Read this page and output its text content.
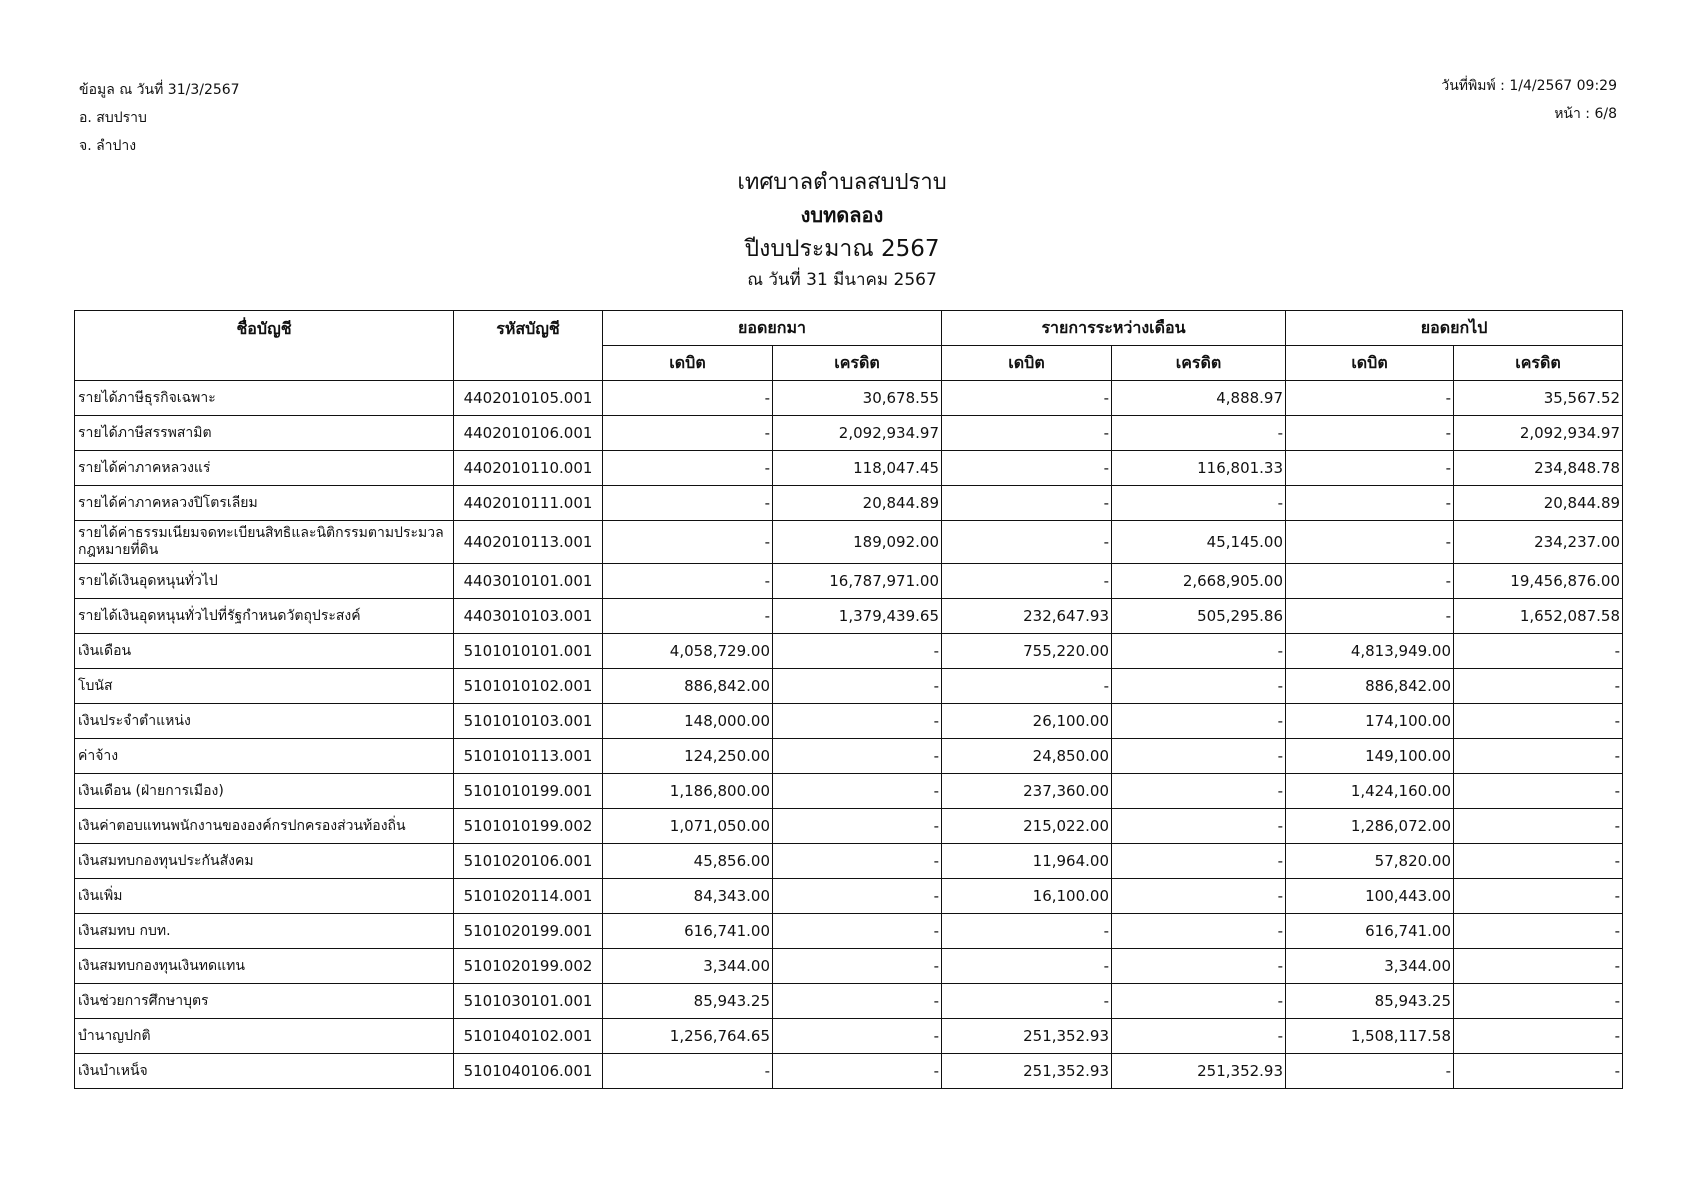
ข้อมูล ณ วันที่ 31/3/2567
อ. สบปราบ
จ. ลำปาง
วันที่พิมพ์ : 1/4/2567 09:29
หน้า : 6/8

เทศบาลตำบลสบปราบ

งบทดลอง

ปีงบประมาณ 2567

ณ วันที่ 31 มีนาคม 2567

ชื่อบัญชี	รหัสบัญชี	ยอดยกมา		รายการระหว่างเดือน		ยอดยกไป	
		เดบิต	เครดิต	เดบิต	เครดิต	เดบิต	เครดิต
รายได้ภาษีธุรกิจเฉพาะ	4402010105.001	-	30,678.55	-	4,888.97	-	35,567.52
รายได้ภาษีสรรพสามิต	4402010106.001	-	2,092,934.97	-	-	-	2,092,934.97
รายได้ค่าภาคหลวงแร่	4402010110.001	-	118,047.45	-	116,801.33	-	234,848.78
รายได้ค่าภาคหลวงปิโตรเลียม	4402010111.001	-	20,844.89	-	-	-	20,844.89
รายได้ค่าธรรมเนียมจดทะเบียนสิทธิและนิติกรรมตามประมวลกฎหมายที่ดิน	4402010113.001	-	189,092.00	-	45,145.00	-	234,237.00
รายได้เงินอุดหนุนทั่วไป	4403010101.001	-	16,787,971.00	-	2,668,905.00	-	19,456,876.00
รายได้เงินอุดหนุนทั่วไปที่รัฐกำหนดวัตถุประสงค์	4403010103.001	-	1,379,439.65	232,647.93	505,295.86	-	1,652,087.58
เงินเดือน	5101010101.001	4,058,729.00	-	755,220.00	-	4,813,949.00	-
โบนัส	5101010102.001	886,842.00	-	-	-	886,842.00	-
เงินประจำตำแหน่ง	5101010103.001	148,000.00	-	26,100.00	-	174,100.00	-
ค่าจ้าง	5101010113.001	124,250.00	-	24,850.00	-	149,100.00	-
เงินเดือน (ฝ่ายการเมือง)	5101010199.001	1,186,800.00	-	237,360.00	-	1,424,160.00	-
เงินค่าตอบแทนพนักงานขององค์กรปกครองส่วนท้องถิ่น	5101010199.002	1,071,050.00	-	215,022.00	-	1,286,072.00	-
เงินสมทบกองทุนประกันสังคม	5101020106.001	45,856.00	-	11,964.00	-	57,820.00	-
เงินเพิ่ม	5101020114.001	84,343.00	-	16,100.00	-	100,443.00	-
เงินสมทบ กบท.	5101020199.001	616,741.00	-	-	-	616,741.00	-
เงินสมทบกองทุนเงินทดแทน	5101020199.002	3,344.00	-	-	-	3,344.00	-
เงินช่วยการศึกษาบุตร	5101030101.001	85,943.25	-	-	-	85,943.25	-
บำนาญปกติ	5101040102.001	1,256,764.65	-	251,352.93	-	1,508,117.58	-
เงินบำเหน็จ	5101040106.001	-	-	251,352.93	251,352.93	-	-
